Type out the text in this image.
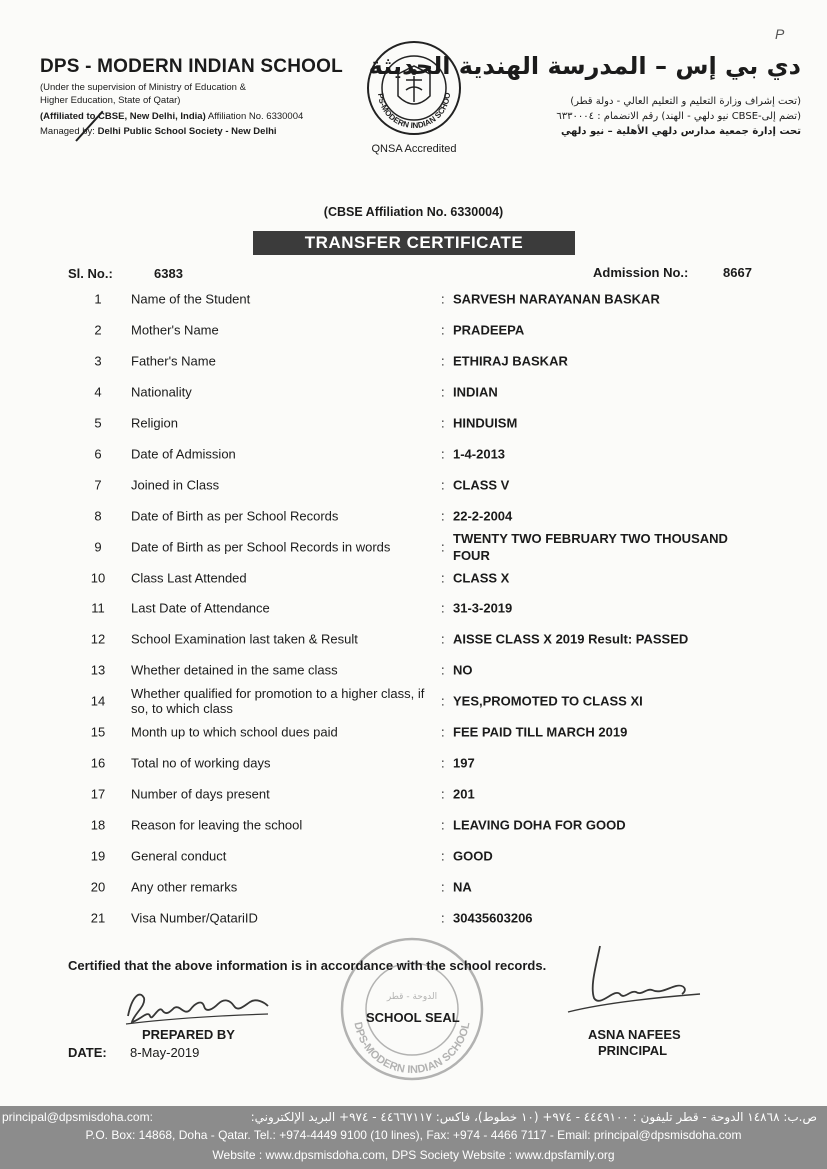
P
DPS - MODERN INDIAN SCHOOL
(Under the supervision of Ministry of Education &
Higher Education, State of Qatar)
(Affiliated to CBSE, New Delhi, India) Affiliation No. 6330004
Managed by: Delhi Public School Society - New Delhi
PS-MODERN INDIAN SCHOO
QNSA Accredited
دي بي إس – المدرسة الهندية الحديثة
(تحت إشراف وزارة التعليم و التعليم العالي - دولة قطر)
(تضم إلى-CBSE نيو دلهي - الهند) رقم الانضمام : ٦٣٣٠٠٠٤
تحت إدارة جمعية مدارس دلهي الأهلية – نيو دلهي
(CBSE Affiliation No. 6330004)
TRANSFER CERTIFICATE
Sl. No.:	6383	Admission No.:	8667
1	Name of the Student	: SARVESH NARAYANAN BASKAR
2	Mother's Name	: PRADEEPA
3	Father's Name	: ETHIRAJ BASKAR
4	Nationality	: INDIAN
5	Religion	: HINDUISM
6	Date of Admission	: 1-4-2013
7	Joined in Class	: CLASS V
8	Date of Birth as per School Records	: 22-2-2004
9	Date of Birth as per School Records in words	:
TWENTY TWO FEBRUARY TWO THOUSAND FOUR
10	Class Last Attended	: CLASS X
11	Last Date of Attendance	: 31-3-2019
12	School Examination last taken & Result	: AISSE CLASS X 2019 Result: PASSED
13	Whether detained in the same class	: NO
14	Whether qualified for promotion to a higher class, if so, to which class	: YES,PROMOTED TO CLASS XI
15	Month up to which school dues paid	: FEE PAID TILL MARCH 2019
16	Total no of working days	: 197
17	Number of days present	: 201
18	Reason for leaving the school	: LEAVING DOHA FOR GOOD
19	General conduct	: GOOD
20	Any other remarks	: NA
21	Visa Number/QatariID	: 30435603206
DPS-MODERN INDIAN SCHOOL
الدوحة - قطر
Certified that the above information is in accordance with the school records.
PREPARED BY
SCHOOL SEAL
ASNA NAFEES
PRINCIPAL
DATE: 8-May-2019
principal@dpsmisdoha.com:	ص.ب: ١٤٨٦٨ الدوحة - قطر تليفون : ٤٤٤٩١٠٠ - ٩٧٤+ (١٠ خطوط)، فاكس: ٤٤٦٦٧١١٧ - ٩٧٤+ البريد الإلكتروني:
P.O. Box: 14868, Doha - Qatar. Tel.: +974-4449 9100 (10 lines), Fax: +974 - 4466 7117 - Email: principal@dpsmisdoha.com
Website : www.dpsmisdoha.com, DPS Society Website : www.dpsfamily.org
